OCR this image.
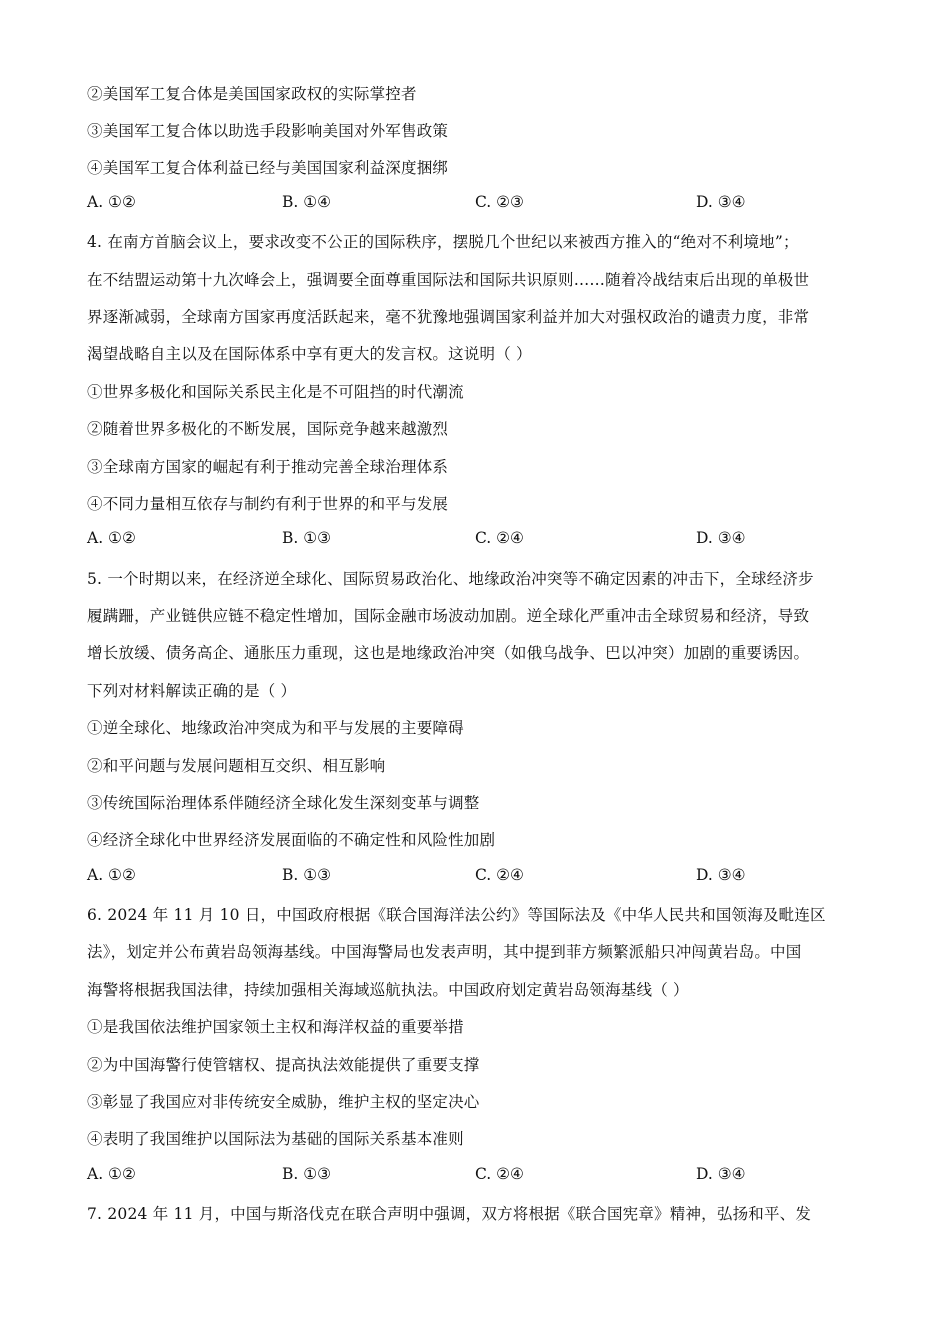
②美国军工复合体是美国国家政权的实际掌控者
③美国军工复合体以助选手段影响美国对外军售政策
④美国军工复合体利益已经与美国国家利益深度捆绑
A. ①②	B. ①④	C. ②③	D. ③④
4. 在南方首脑会议上，要求改变不公正的国际秩序，摆脱几个世纪以来被西方推入的“绝对不利境地”；
在不结盟运动第十九次峰会上，强调要全面尊重国际法和国际共识原则……随着冷战结束后出现的单极世
界逐渐减弱，全球南方国家再度活跃起来，毫不犹豫地强调国家利益并加大对强权政治的谴责力度，非常
渴望战略自主以及在国际体系中享有更大的发言权。这说明（ ）
①世界多极化和国际关系民主化是不可阻挡的时代潮流
②随着世界多极化的不断发展，国际竞争越来越激烈
③全球南方国家的崛起有利于推动完善全球治理体系
④不同力量相互依存与制约有利于世界的和平与发展
A. ①②	B. ①③	C. ②④	D. ③④
5. 一个时期以来，在经济逆全球化、国际贸易政治化、地缘政治冲突等不确定因素的冲击下，全球经济步
履蹒跚，产业链供应链不稳定性增加，国际金融市场波动加剧。逆全球化严重冲击全球贸易和经济，导致
增长放缓、债务高企、通胀压力重现，这也是地缘政治冲突（如俄乌战争、巴以冲突）加剧的重要诱因。
下列对材料解读正确的是（ ）
①逆全球化、地缘政治冲突成为和平与发展的主要障碍
②和平问题与发展问题相互交织、相互影响
③传统国际治理体系伴随经济全球化发生深刻变革与调整
④经济全球化中世界经济发展面临的不确定性和风险性加剧
A. ①②	B. ①③	C. ②④	D. ③④
6. 2024 年 11 月 10 日，中国政府根据《联合国海洋法公约》等国际法及《中华人民共和国领海及毗连区
法》，划定并公布黄岩岛领海基线。中国海警局也发表声明，其中提到菲方频繁派船只冲闯黄岩岛。中国
海警将根据我国法律，持续加强相关海域巡航执法。中国政府划定黄岩岛领海基线（ ）
①是我国依法维护国家领土主权和海洋权益的重要举措
②为中国海警行使管辖权、提高执法效能提供了重要支撑
③彰显了我国应对非传统安全威胁，维护主权的坚定决心
④表明了我国维护以国际法为基础的国际关系基本准则
A. ①②	B. ①③	C. ②④	D. ③④
7. 2024 年 11 月，中国与斯洛伐克在联合声明中强调，双方将根据《联合国宪章》精神，弘扬和平、发
